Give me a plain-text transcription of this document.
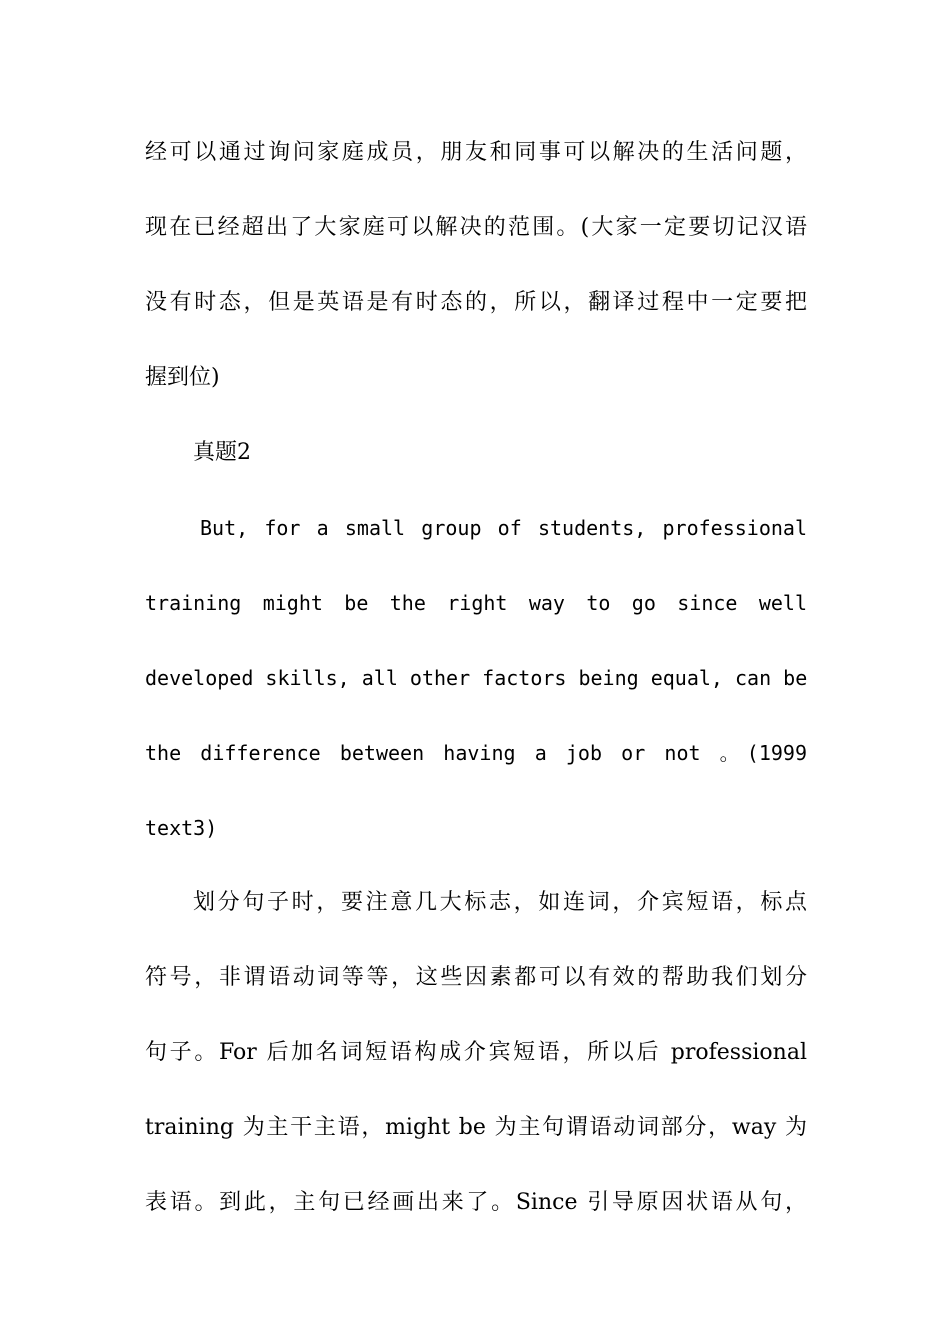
经可以通过询问家庭成员，朋友和同事可以解决的生活问题，
现在已经超出了大家庭可以解决的范围。(大家一定要切记汉语
没有时态，但是英语是有时态的，所以，翻译过程中一定要把
握到位)
真题2
But, for a small group of students, professional
training might be the right way to go since well
developed skills, all other factors being equal, can be
the difference between having a job or not 。(1999
text3)
划分句子时，要注意几大标志，如连词，介宾短语，标点
符号，非谓语动词等等，这些因素都可以有效的帮助我们划分
句子。For 后加名词短语构成介宾短语，所以后 professional
training 为主干主语，might be 为主句谓语动词部分，way 为
表语。到此，主句已经画出来了。Since 引导原因状语从句，
